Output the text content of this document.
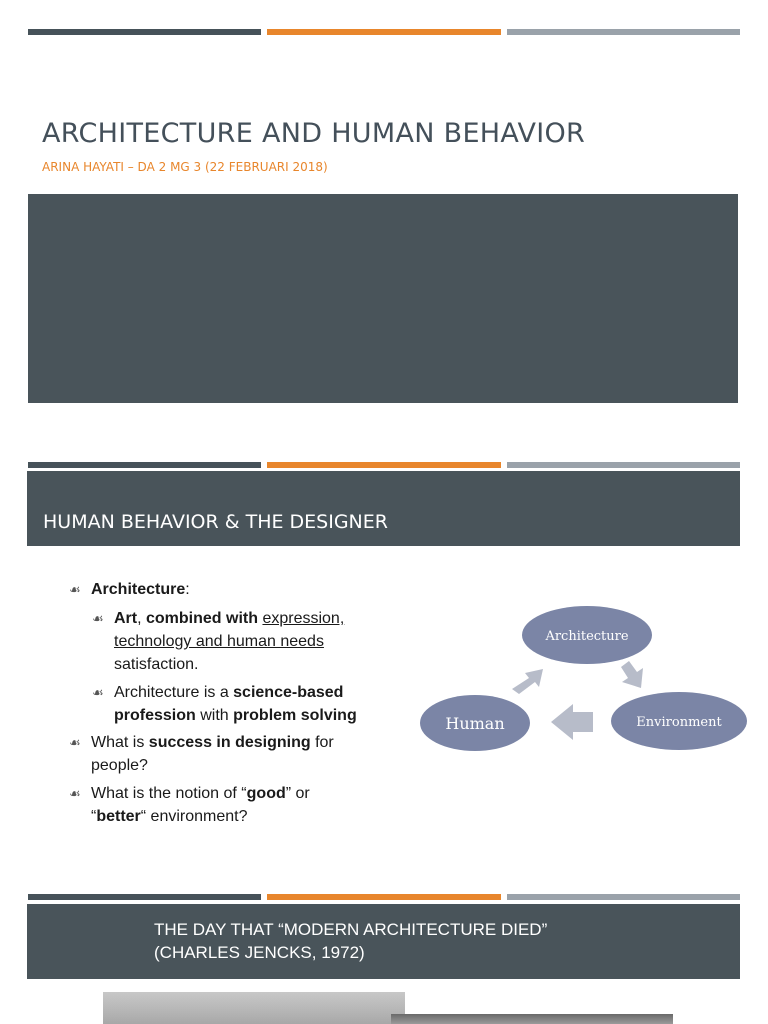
ARCHITECTURE AND HUMAN BEHAVIOR
ARINA HAYATI – DA 2 MG 3 (22 FEBRUARI 2018)
HUMAN BEHAVIOR & THE DESIGNER
☙ Architecture:
☙ Art, combined with expression,
technology and human needs
satisfaction.
☙ Architecture is a science-based
profession with problem solving
☙ What is success in designing for
people?
☙ What is the notion of “good” or
“better“ environment?
Architecture
Environment
Human
THE DAY THAT “MODERN ARCHITECTURE DIED”
(CHARLES JENCKS, 1972)
